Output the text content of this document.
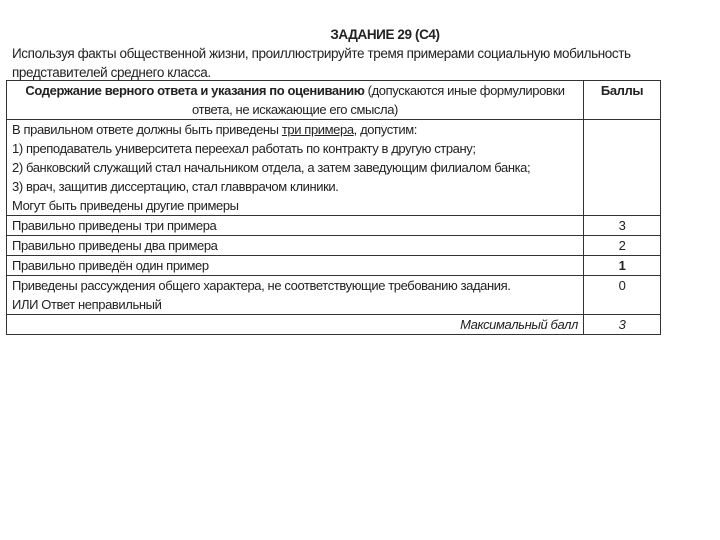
ЗАДАНИЕ 29 (С4)
Используя факты общественной жизни, проиллюстрируйте тремя примерами социальную мобильность представителей среднего класса.
Содержание верного ответа и указания по оцениванию (допускаются иные формулировки ответа, не искажающие его смысла)	Баллы

В правильном ответе должны быть приведены три примера, допустим:
1) преподаватель университета переехал работать по контракту в другую страну;
2) банковский служащий стал начальником отдела, а затем заведующим филиалом банка;
3) врач, защитив диссертацию, стал главврачом клиники.
Могут быть приведены другие примеры	

Правильно приведены три примера	3
Правильно приведены два примера	2
Правильно приведён один пример	1

Приведены рассуждения общего характера, не соответствующие требованию задания.
ИЛИ Ответ неправильный	0
Максимальный балл	3
